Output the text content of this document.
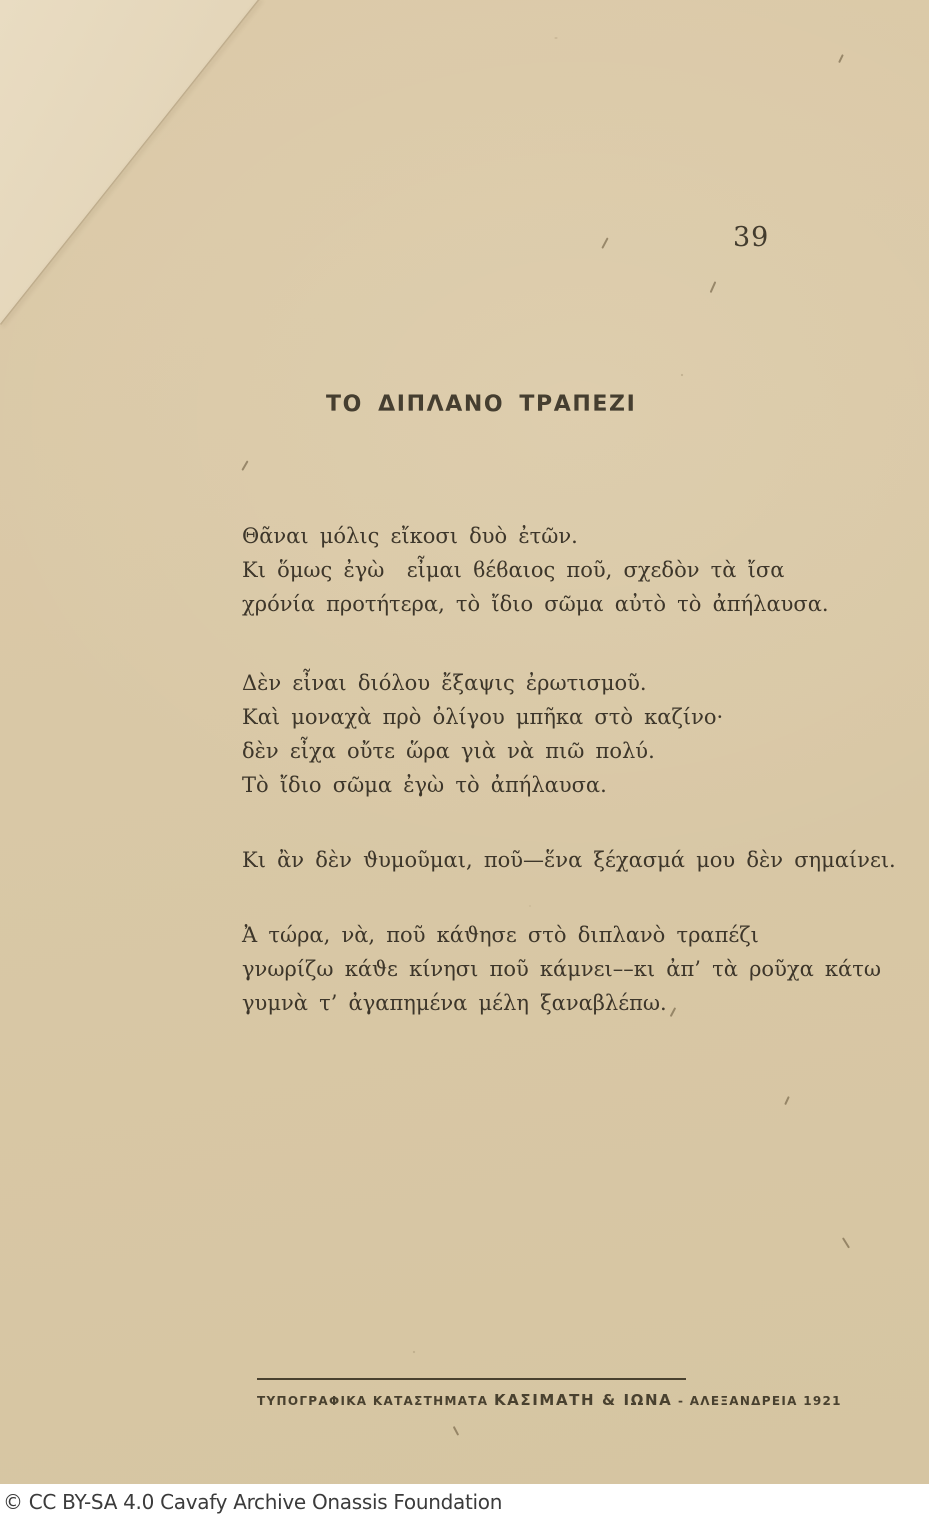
39
ΤΟ ΔΙΠΛΑΝΟ ΤΡΑΠΕΖΙ
Θᾶναι μόλις εἴκοσι δυὸ ἐτῶν.
Κι ὅμως ἐγὼ  εἶμαι ϐέϐαιος ποῦ, σχεδὸν τὰ ἴσα
χρόνία προτήτερα, τὸ ἴδιο σῶμα αὐτὸ τὸ ἀπήλαυσα.
Δὲν εἶναι διόλου ἔξαψις ἐρωτισμοῦ.
Καὶ μοναχὰ πρὸ ὀλίγου μπῆκα στὸ καζίνο·
δὲν εἶχα οὔτε ὥρα γιὰ νὰ πιῶ πολύ.
Τὸ ἴδιο σῶμα ἐγὼ τὸ ἀπήλαυσα.
Κι ἂν δὲν ϑυμοῦμαι, ποῦ—ἕνα ξέχασμά μου δὲν σημαίνει.
Ἀ τώρα, νὰ, ποῦ κάϑησε στὸ διπλανὸ τραπέζι
γνωρίζω κάϑε κίνησι ποῦ κάμνει––κι ἀπ’ τὰ ροῦχα κάτω
γυμνὰ τ’ ἀγαπημένα μέλη ξαναβλέπω.
ΤΥΠΟΓΡΑΦΙΚΑ ΚΑΤΑΣΤΗΜΑΤΑ ΚΑΣΙΜΑΤΗ & ΙΩΝΑ - ΑΛΕΞΑΝΔΡΕΙΑ 1921
© CC BY-SA 4.0 Cavafy Archive Onassis Foundation
